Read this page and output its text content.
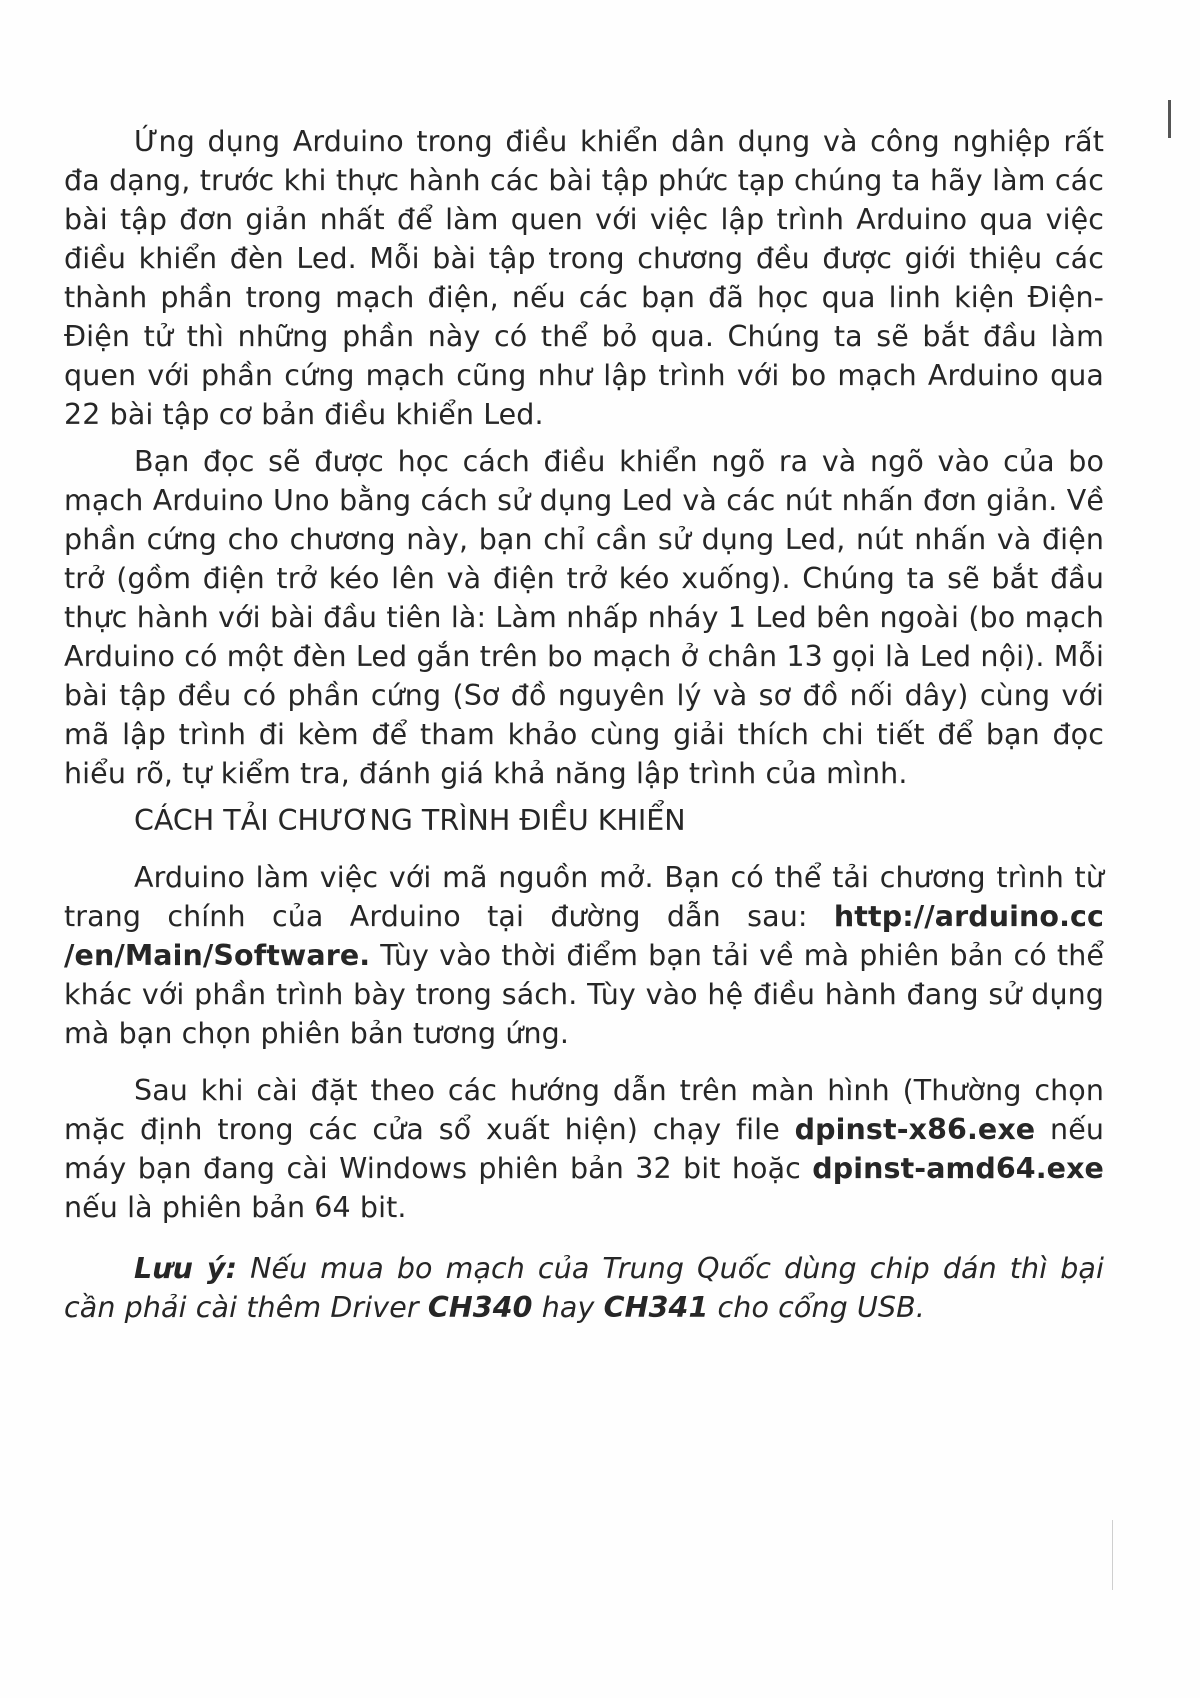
Ứng dụng Arduino trong điều khiển dân dụng và công nghiệp rất đa dạng, trước khi thực hành các bài tập phức tạp chúng ta hãy làm các bài tập đơn giản nhất để làm quen với việc lập trình Arduino qua việc điều khiển đèn Led. Mỗi bài tập trong chương đều được giới thiệu các thành phần trong mạch điện, nếu các bạn đã học qua linh kiện Điện-Điện tử thì những phần này có thể bỏ qua. Chúng ta sẽ bắt đầu làm quen với phần cứng mạch cũng như lập trình với bo mạch Arduino qua 22 bài tập cơ bản điều khiển Led.

Bạn đọc sẽ được học cách điều khiển ngõ ra và ngõ vào của bo mạch Arduino Uno bằng cách sử dụng Led và các nút nhấn đơn giản. Về phần cứng cho chương này, bạn chỉ cần sử dụng Led, nút nhấn và điện trở (gồm điện trở kéo lên và điện trở kéo xuống). Chúng ta sẽ bắt đầu thực hành với bài đầu tiên là: Làm nhấp nháy 1 Led bên ngoài (bo mạch Arduino có một đèn Led gắn trên bo mạch ở chân 13 gọi là Led nội). Mỗi bài tập đều có phần cứng (Sơ đồ nguyên lý và sơ đồ nối dây) cùng với mã lập trình đi kèm để tham khảo cùng giải thích chi tiết để bạn đọc hiểu rõ, tự kiểm tra, đánh giá khả năng lập trình của mình.

CÁCH TẢI CHƯƠNG TRÌNH ĐIỀU KHIỂN

Arduino làm việc với mã nguồn mở. Bạn có thể tải chương trình từ trang chính của Arduino tại đường dẫn sau: http://arduino.cc /en/Main/Software. Tùy vào thời điểm bạn tải về mà phiên bản có thể khác với phần trình bày trong sách. Tùy vào hệ điều hành đang sử dụng mà bạn chọn phiên bản tương ứng.

Sau khi cài đặt theo các hướng dẫn trên màn hình (Thường chọn mặc định trong các cửa sổ xuất hiện) chạy file dpinst-x86.exe nếu máy bạn đang cài Windows phiên bản 32 bit hoặc dpinst-amd64.exe nếu là phiên bản 64 bit.

Lưu ý: Nếu mua bo mạch của Trung Quốc dùng chip dán thì bại cần phải cài thêm Driver CH340 hay CH341 cho cổng USB.
